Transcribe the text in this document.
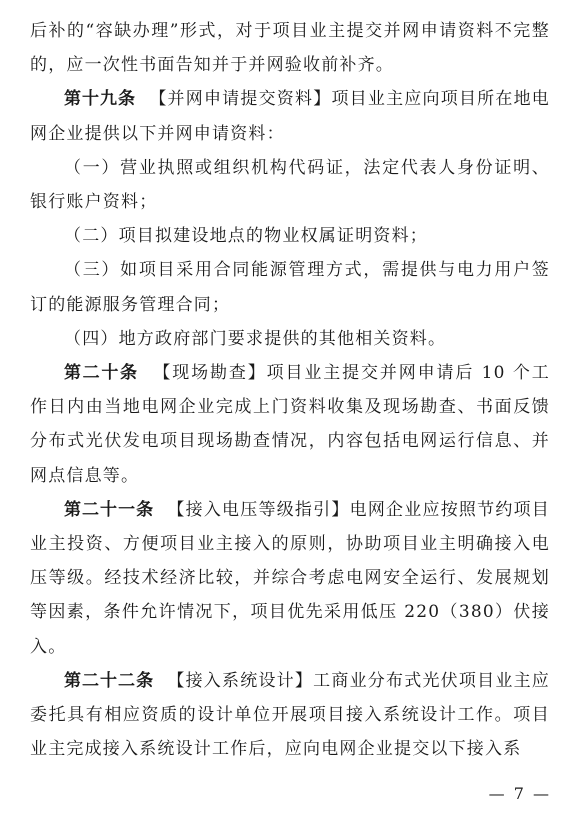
后补的“容缺办理”形式，对于项目业主提交并网申请资料不完整的，应一次性书面告知并于并网验收前补齐。

第十九条 【并网申请提交资料】项目业主应向项目所在地电网企业提供以下并网申请资料：

（一）营业执照或组织机构代码证，法定代表人身份证明、银行账户资料；

（二）项目拟建设地点的物业权属证明资料；

（三）如项目采用合同能源管理方式，需提供与电力用户签订的能源服务管理合同；

（四）地方政府部门要求提供的其他相关资料。

第二十条 【现场勘查】项目业主提交并网申请后 10 个工作日内由当地电网企业完成上门资料收集及现场勘查、书面反馈分布式光伏发电项目现场勘查情况，内容包括电网运行信息、并网点信息等。

第二十一条 【接入电压等级指引】电网企业应按照节约项目业主投资、方便项目业主接入的原则，协助项目业主明确接入电压等级。经技术经济比较，并综合考虑电网安全运行、发展规划等因素，条件允许情况下，项目优先采用低压 220（380）伏接入。

第二十二条 【接入系统设计】工商业分布式光伏项目业主应委托具有相应资质的设计单位开展项目接入系统设计工作。项目业主完成接入系统设计工作后，应向电网企业提交以下接入系

— 7 —
